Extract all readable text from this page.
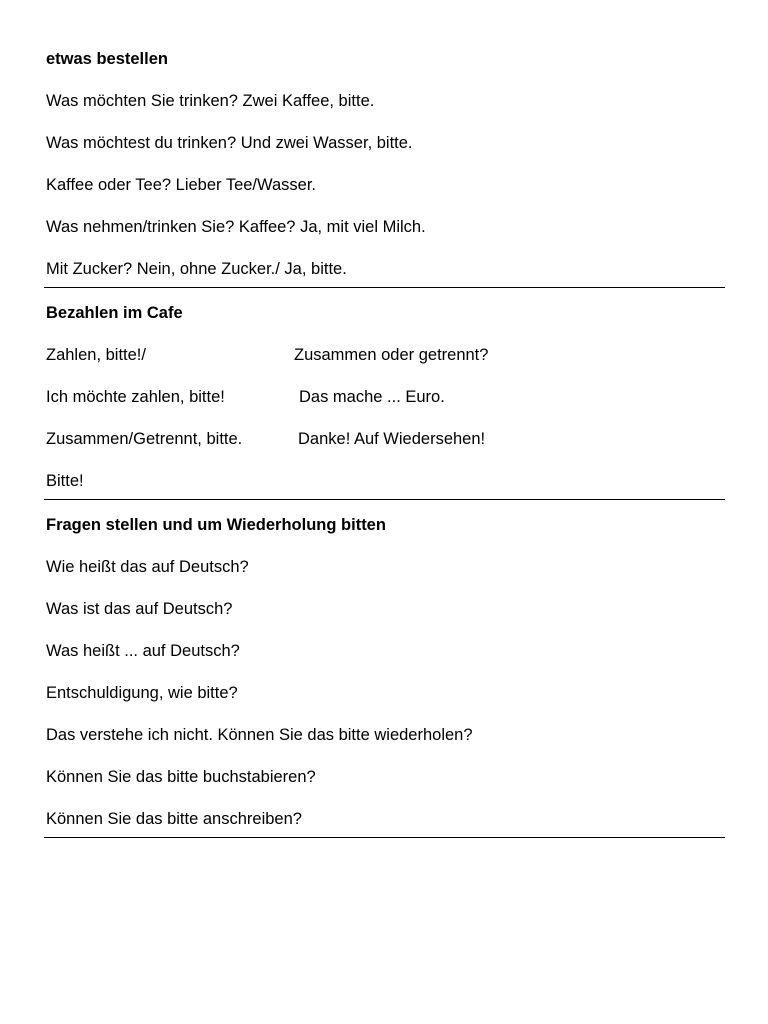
etwas bestellen
Was möchten Sie trinken? Zwei Kaffee, bitte.
Was möchtest du trinken? Und zwei Wasser, bitte.
Kaffee oder Tee? Lieber Tee/Wasser.
Was nehmen/trinken Sie? Kaffee? Ja, mit viel Milch.
Mit Zucker? Nein, ohne Zucker./ Ja, bitte.
Bezahlen im Cafe
Zahlen, bitte!/	Zusammen oder getrennt?
Ich möchte zahlen, bitte!	Das mache ... Euro.
Zusammen/Getrennt, bitte.	Danke! Auf Wiedersehen!
Bitte!
Fragen stellen und um Wiederholung bitten
Wie heißt das auf Deutsch?
Was ist das auf Deutsch?
Was heißt ... auf Deutsch?
Entschuldigung, wie bitte?
Das verstehe ich nicht. Können Sie das bitte wiederholen?
Können Sie das bitte buchstabieren?
Können Sie das bitte anschreiben?
